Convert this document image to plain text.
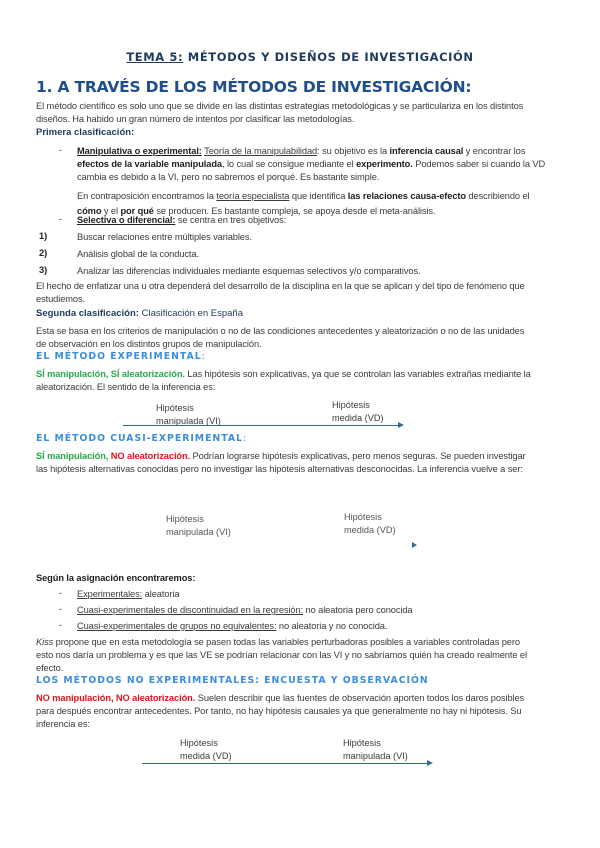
TEMA 5: MÉTODOS Y DISEÑOS DE INVESTIGACIÓN
1. A TRAVÉS DE LOS MÉTODOS DE INVESTIGACIÓN:
El método científico es solo uno que se divide en las distintas estrategias metodológicas y se particulariza en los distintos
diseños. Ha habido un gran número de intentos por clasificar las metodologías.
Primera clasificación:
- Manipulativa o experimental: Teoría de la manipulabilidad: su objetivo es la inferencia causal y encontrar los
efectos de la variable manipulada, lo cual se consigue mediante el experimento. Podemos saber si cuando la VD
cambia es debido a la VI, pero no sabremos el porqué. Es bastante simple.
En contraposición encontramos la teoría especialista que identifica las relaciones causa-efecto describiendo el
cómo y el por qué se producen. Es bastante compleja, se apoya desde el meta-análisis.
- Selectiva o diferencial: se centra en tres objetivos:
1)	Buscar relaciones entre múltiples variables.
2)	Análisis global de la conducta.
3)	Analizar las diferencias individuales mediante esquemas selectivos y/o comparativos.
El hecho de enfatizar una u otra dependerá del desarrollo de la disciplina en la que se aplican y del tipo de fenómeno que
estudiemos.
Segunda clasificación: Clasificación en España
Esta se basa en los criterios de manipulación o no de las condiciones antecedentes y aleatorización o no de las unidades
de observación en los distintos grupos de manipulación.
EL MÉTODO EXPERIMENTAL:
SÍ manipulación, SÍ aleatorización. Las hipótesis son explicativas, ya que se controlan las variables extrañas mediante la
aleatorización. El sentido de la inferencia es:
Hipótesis
manipulada (VI)
Hipótesis
medida (VD)
EL MÉTODO CUASI-EXPERIMENTAL:
SÍ manipulación, NO aleatorización. Podrían lograrse hipótesis explicativas, pero menos seguras. Se pueden investigar
las hipótesis alternativas conocidas pero no investigar las hipótesis alternativas desconocidas. La inferencia vuelve a ser:
Hipótesis
manipulada (VI)
Hipótesis
medida (VD)
Según la asignación encontraremos:
- Experimentales: aleatoria
- Cuasi-experimentales de discontinuidad en la regresión: no aleatoria pero conocida
- Cuasi-experimentales de grupos no equivalentes: no aleatoria y no conocida.
Kiss propone que en esta metodología se pasen todas las variables perturbadoras posibles a variables controladas pero
esto nos daría un problema y es que las VE se podrían relacionar con las VI y no sabríamos quién ha creado realmente el
efecto.
LOS MÉTODOS NO EXPERIMENTALES: ENCUESTA Y OBSERVACIÓN
NO manipulación, NO aleatorización. Suelen describir que las fuentes de observación aporten todos los daros posibles
para después encontrar antecedentes. Por tanto, no hay hipótesis causales ya que generalmente no hay ni hipótesis. Su
inferencia es:
Hipótesis
medida (VD)
Hipótesis
manipulada (VI)
